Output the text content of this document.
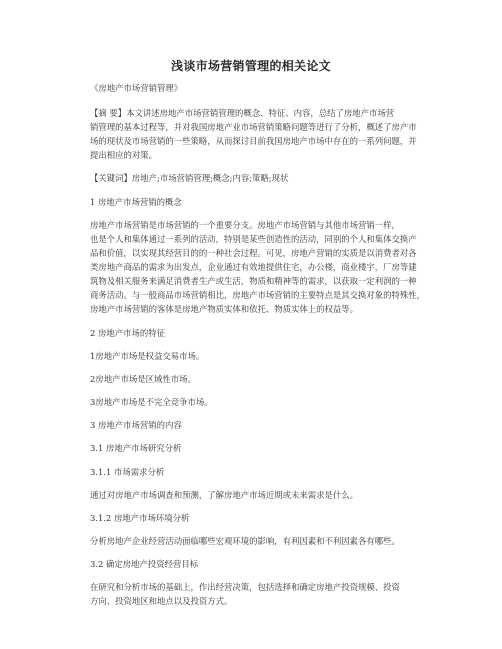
浅谈市场营销管理的相关论文
《房地产市场营销管理》
【摘 要】本文讲述房地产市场营销管理的概念、特征、内容，总结了房地产市场营
销管理的基本过程等，并对我国房地产业市场营销策略问题等进行了分析，概述了房产市
场的现状及市场营销的一些策略，从而探讨目前我国房地产市场中存在的一系列问题，并
提出相应的对策。
【关键词】房地产;市场营销管理;概念;内容;策略;现状
1 房地产市场营销的概念
房地产市场营销是市场营销的一个重要分支。房地产市场营销与其他市场营销一样，
也是个人和集体通过一系列的活动，特别是某些创造性的活动，同别的个人和集体交换产
品和价值，以实现其经营目的的一种社会过程。可见，房地产营销的实质是以消费者对各
类房地产商品的需求为出发点，企业通过有效地提供住宅，办公楼，商业楼宇，厂房等建
筑物及相关服务来满足消费者生产或生活，物质和精神等的需求，以获取一定利润的一种
商务活动。与一般商品市场营销相比，房地产市场营销的主要特点是其交换对象的特殊性，
房地产市场营销的客体是房地产物质实体和依托、物质实体上的权益等。
2 房地产市场的特征
1房地产市场是权益交易市场。
2房地产市场是区域性市场。
3房地产市场是不完全竞争市场。
3 房地产市场营销的内容
3.1 房地产市场研究分析
3.1.1 市场需求分析
通过对房地产市场调查和预测，了解房地产市场近期或未来需求是什么。
3.1.2 房地产市场环境分析
分析房地产企业经营活动面临哪些宏观环境的影响，有利因素和不利因素各有哪些。
3.2 确定房地产投资经营目标
在研究和分析市场的基础上，作出经营决策，包括选择和确定房地产投资规模、投资
方向、投资地区和地点以及投资方式。
